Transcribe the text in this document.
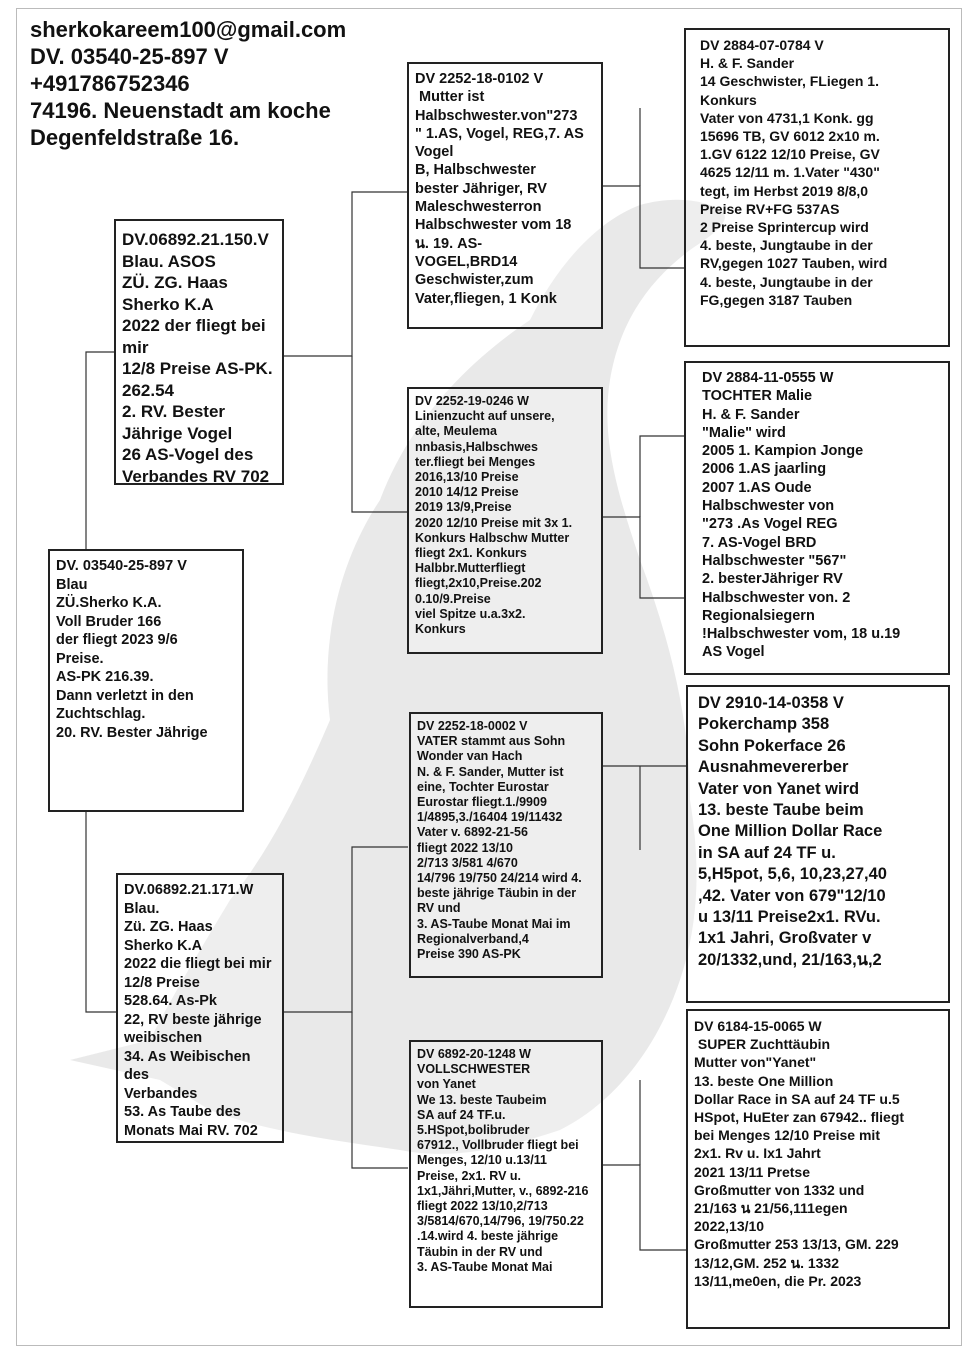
sherkokareem100@gmail.com
DV. 03540-25-897 V
+491786752346
74196. Neuenstadt am koche
Degenfeldstraße 16.
DV. 03540-25-897 V
Blau
ZÜ.Sherko K.A.
Voll Bruder 166
der fliegt 2023 9/6
Preise.
AS-PK 216.39.
Dann verletzt in den
Zuchtschlag.
20. RV. Bester Jährige
DV.06892.21.150.V
Blau. ASOS
ZÜ. ZG. Haas
Sherko K.A
2022 der fliegt bei
mir
12/8 Preise AS-PK.
262.54
2. RV. Bester
Jährige Vogel
26 AS-Vogel des
Verbandes RV 702
DV.06892.21.171.W
Blau.
Zü. ZG. Haas
Sherko K.A
2022 die fliegt bei mir
12/8 Preise
528.64. As-Pk
22, RV beste jährige
weibischen
34. As Weibischen des
Verbandes
53. As Taube des
Monats Mai RV. 702
DV 2252-18-0102 V
Mutter ist
Halbschwester.von"273
" 1.AS, Vogel, REG,7. AS
Vogel
B, Halbschwester
bester Jähriger, RV
Maleschwesterron
Halbschwester vom 18
น. 19. AS-
VOGEL,BRD14
Geschwister,zum
Vater,fliegen, 1 Konk
DV 2252-19-0246 W
Linienzucht auf unsere,
alte, Meulema
nnbasis,Halbschwes
ter.fliegt bei Menges
2016,13/10 Preise
2010 14/12 Preise
2019 13/9,Preise
2020 12/10 Preise mit 3x 1.
Konkurs Halbschw Mutter
fliegt 2x1. Konkurs
Halbbr.Mutterfliegt
fliegt,2x10,Preise.202
0.10/9.Preise
viel Spitze u.a.3x2.
Konkurs
DV 2252-18-0002 V
VATER stammt aus Sohn
Wonder van Hach
N. & F. Sander, Mutter ist
eine, Tochter Eurostar
Eurostar fliegt.1./9909
1/4895,3./16404 19/11432
Vater v. 6892-21-56
fliegt 2022 13/10
2/713 3/581 4/670
14/796 19/750 24/214 wird 4.
beste jährige Täubin in der
RV und
3. AS-Taube Monat Mai im
Regionalverband,4
Preise 390 AS-PK
DV 6892-20-1248 W
VOLLSCHWESTER
von Yanet
We 13. beste Taubeim
SA auf 24 TF.u.
5.HSpot,bolibruder
67912., Vollbruder fliegt bei
Menges, 12/10 u.13/11
Preise, 2x1. RV u.
1x1,Jähri,Mutter, v., 6892-216
fliegt 2022 13/10,2/713
3/5814/670,14/796, 19/750.22
.14.wird 4. beste jährige
Täubin in der RV und
3. AS-Taube Monat Mai
DV 2884-07-0784 V
H. & F. Sander
14 Geschwister, FLiegen 1.
Konkurs
Vater von 4731,1 Konk. gg
15696 TB, GV 6012 2x10 m.
1.GV 6122 12/10 Preise, GV
4625 12/11 m. 1.Vater "430"
tegt, im Herbst 2019 8/8,0
Preise RV+FG 537AS
2 Preise Sprintercup wird
4. beste, Jungtaube in der
RV,gegen 1027 Tauben, wird
4. beste, Jungtaube in der
FG,gegen 3187 Tauben
DV 2884-11-0555 W
TOCHTER Malie
H. & F. Sander
"Malie" wird
2005 1. Kampion Jonge
2006 1.AS jaarling
2007 1.AS Oude
Halbschwester von
"273 .As Vogel REG
7. AS-Vogel BRD
Halbschwester "567"
2. besterJähriger RV
Halbschwester von. 2
Regionalsiegern
!Halbschwester vom, 18 u.19
AS Vogel
DV 2910-14-0358 V
Pokerchamp 358
Sohn Pokerface 26
Ausnahmevererber
Vater von Yanet wird
13. beste Taube beim
One Million Dollar Race
in SA auf 24 TF u.
5,H5pot, 5,6, 10,23,27,40
,42. Vater von 679"12/10
u 13/11 Preise2x1. RVu.
1x1 Jahri, Großvater v
20/1332,und, 21/163,น,2
DV 6184-15-0065 W
SUPER Zuchttäubin
Mutter von"Yanet"
13. beste One Million
Dollar Race in SA auf 24 TF u.5
HSpot, HuEter zan 67942.. fliegt
bei Menges 12/10 Preise mit
2x1. Rv u. Ix1 Jahrt
2021 13/11 Pretse
Großmutter von 1332 und
21/163 น 21/56,111egen
2022,13/10
Großmutter 253 13/13, GM. 229
13/12,GM. 252 น. 1332
13/11,me0en, die Pr. 2023
